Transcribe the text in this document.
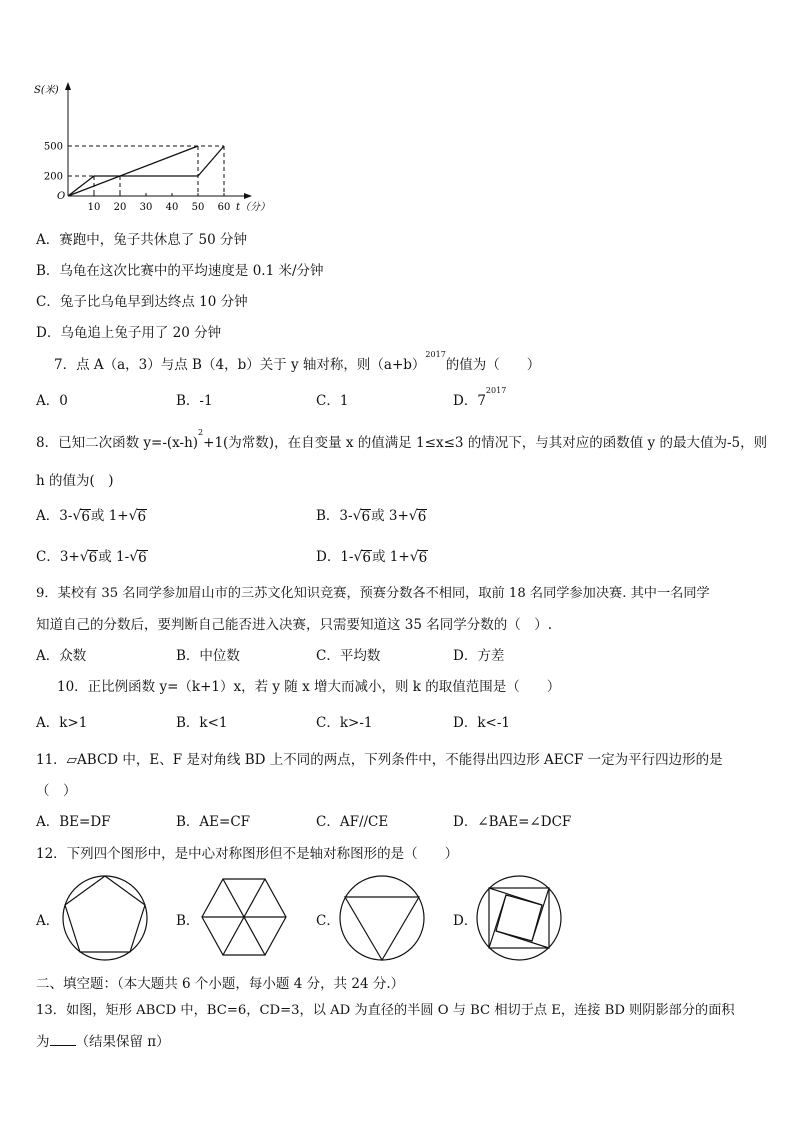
S(米)
t（分）
O
10 20 30 40 50 60
200
500
A．赛跑中，兔子共休息了 50 分钟
B．乌龟在这次比赛中的平均速度是 0.1 米/分钟
C．兔子比乌龟早到达终点 10 分钟
D．乌龟追上兔子用了 20 分钟
7．点 A（a，3）与点 B（4，b）关于 y 轴对称，则$(a+b)^{2017}$的值为（　　）
A．0	B．-1	C．1	D．$7^{2017}$
8．已知二次函数 $y=-(x-h)^2+1$(为常数)，在自变量 x 的值满足 1≤x≤3 的情况下，与其对应的函数值 y 的最大值为-5，则
h 的值为(　)
A．3- √ 6 或 1+ √ 6	B．3- √ 6 或 3+ √ 6
C．3+ √ 6 或 1- √ 6	D．1- √ 6 或 1+ √ 6
9．某校有 35 名同学参加眉山市的三苏文化知识竞赛，预赛分数各不相同，取前 18 名同学参加决赛. 其中一名同学
知道自己的分数后，要判断自己能否进入决赛，只需要知道这 35 名同学分数的（　）.
A．众数	B．中位数	C．平均数	D．方差
10．正比例函数 y=（k+1）x，若 y 随 x 增大而减小，则 k 的取值范围是（　　）
A．k>1	B．k<1	C．k>-1	D．k<-1
11．▱ABCD 中，E、F 是对角线 BD 上不同的两点，下列条件中，不能得出四边形 AECF 一定为平行四边形的是
（　）
A．BE=DF	B．AE=CF	C．AF//CE	D．∠BAE=∠DCF
12．下列四个图形中，是中心对称图形但不是轴对称图形的是（　　）
A．	B．	C．	D．
二、填空题：（本大题共 6 个小题，每小题 4 分，共 24 分.）
13．如图，矩形 ABCD 中，BC=6，CD=3，以 AD 为直径的半圆 O 与 BC 相切于点 E，连接 BD 则阴影部分的面积
为 （结果保留 π）
